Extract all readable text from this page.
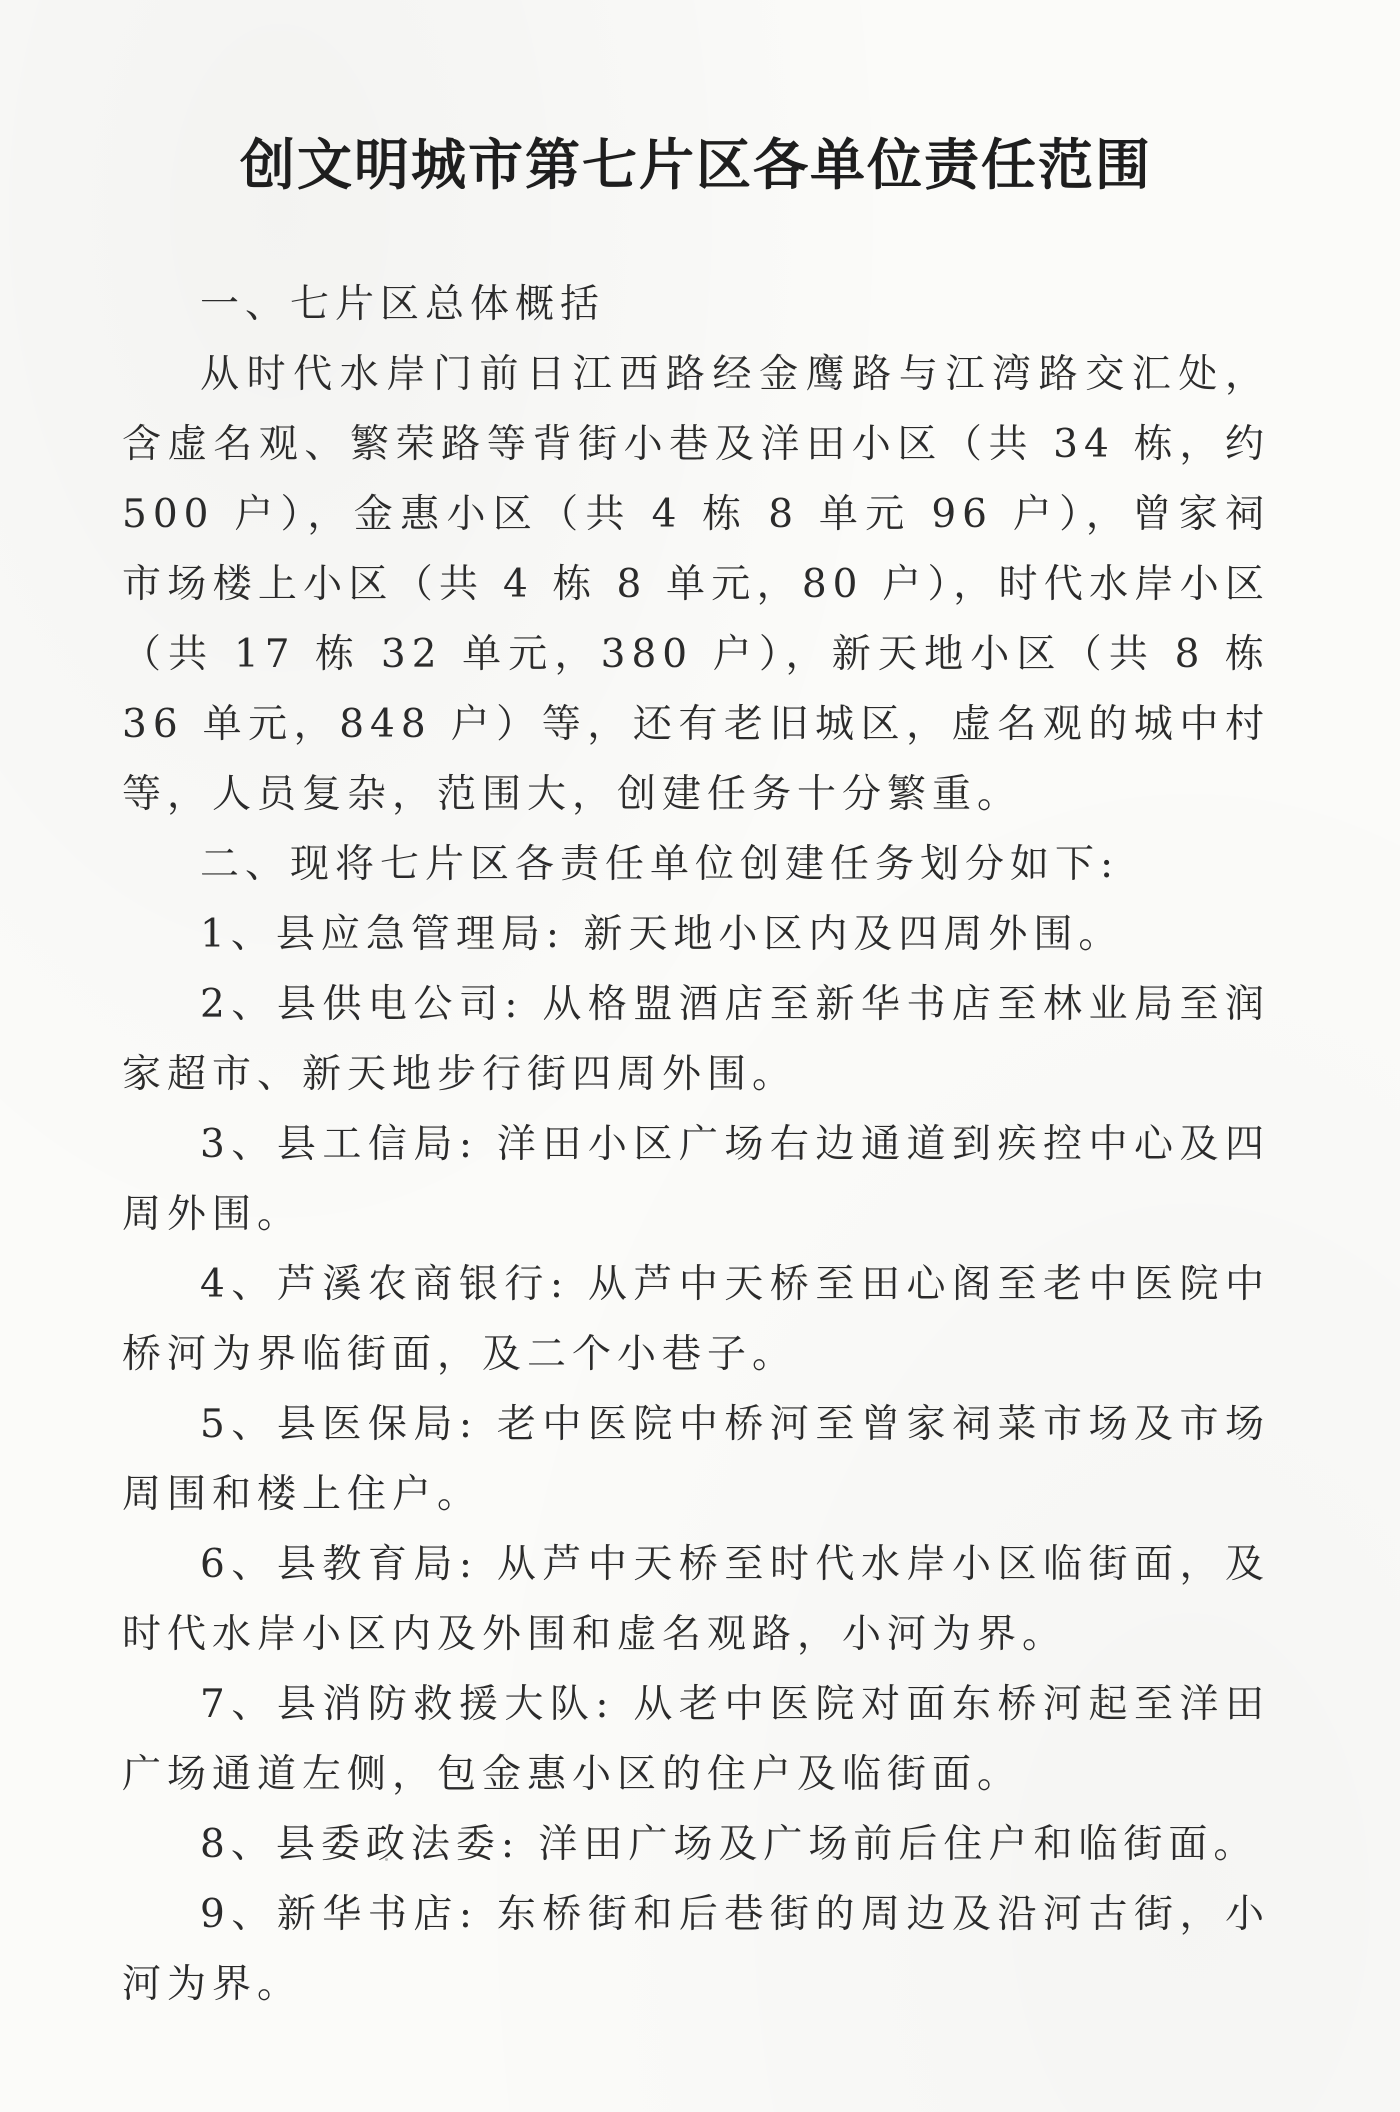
创文明城市第七片区各单位责任范围

一、七片区总体概括

从时代水岸门前日江西路经金鹰路与江湾路交汇处，含虚名观、繁荣路等背街小巷及洋田小区（共 34 栋，约 500 户），金惠小区（共 4 栋 8 单元 96 户），曾家祠市场楼上小区（共 4 栋 8 单元，80 户），时代水岸小区（共 17 栋 32 单元，380 户），新天地小区（共 8 栋 36 单元，848 户）等，还有老旧城区，虚名观的城中村等，人员复杂，范围大，创建任务十分繁重。

二、现将七片区各责任单位创建任务划分如下:

1、县应急管理局: 新天地小区内及四周外围。

2、县供电公司: 从格盟酒店至新华书店至林业局至润家超市、新天地步行街四周外围。

3、县工信局: 洋田小区广场右边通道到疾控中心及四周外围。

4、芦溪农商银行: 从芦中天桥至田心阁至老中医院中桥河为界临街面，及二个小巷子。

5、县医保局: 老中医院中桥河至曾家祠菜市场及市场周围和楼上住户。

6、县教育局: 从芦中天桥至时代水岸小区临街面，及时代水岸小区内及外围和虚名观路，小河为界。

7、县消防救援大队: 从老中医院对面东桥河起至洋田广场通道左侧，包金惠小区的住户及临街面。

8、县委政法委: 洋田广场及广场前后住户和临街面。

9、新华书店: 东桥街和后巷街的周边及沿河古街，小河为界。
